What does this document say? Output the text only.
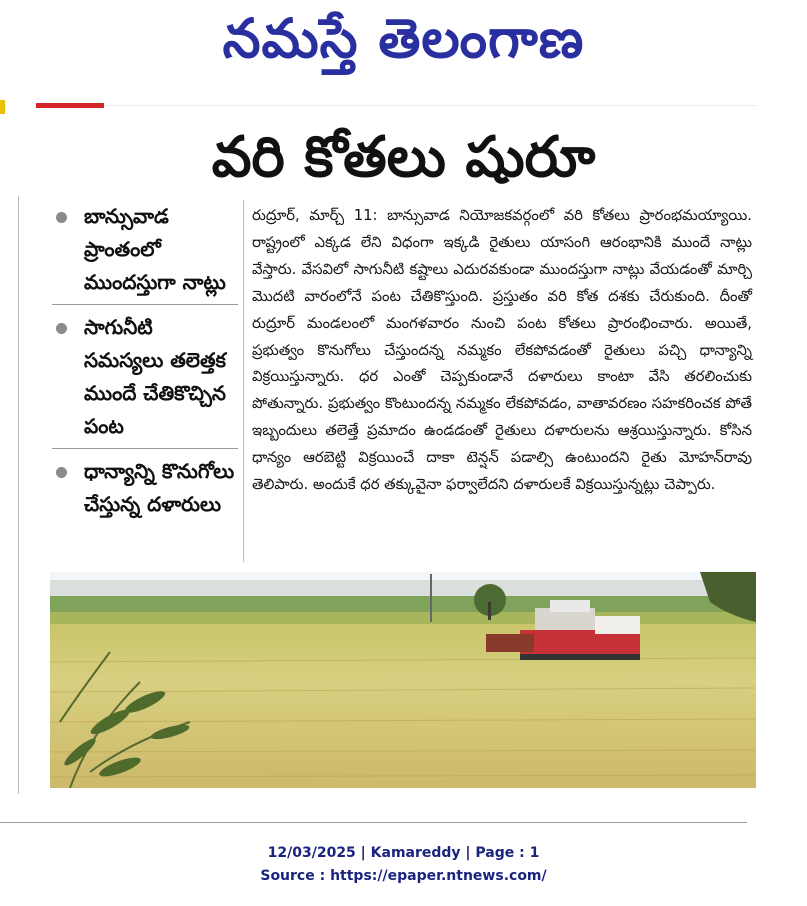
నమస్తే తెలంగాణ
వరి కోతలు షురూ
బాన్సువాడ ప్రాంతంలో ముందస్తుగా నాట్లు
సాగునీటి సమస్యలు తలెత్తక ముందే చేతికొచ్చిన పంట
ధాన్యాన్ని కొనుగోలు చేస్తున్న దళారులు
రుద్రూర్, మార్చ్ 11: బాన్సువాడ నియోజకవర్గంలో వరి కోతలు ప్రారంభమయ్యాయి. రాష్ట్రంలో ఎక్కడ లేని విధంగా ఇక్కడి రైతులు యాసంగి ఆరంభానికి ముందే నాట్లు వేస్తారు. వేసవిలో సాగునీటి కష్టాలు ఎదురవకుండా ముందస్తుగా నాట్లు వేయడంతో మార్చి మొదటి వారంలోనే పంట చేతికొస్తుంది. ప్రస్తుతం వరి కోత దశకు చేరుకుంది. దీంతో రుద్రూర్ మండలంలో మంగళవారం నుంచి పంట కోతలు ప్రారంభించారు. అయితే, ప్రభుత్వం కొనుగోలు చేస్తుందన్న నమ్మకం లేకపోవడంతో రైతులు పచ్చి ధాన్యాన్ని విక్రయిస్తున్నారు. ధర ఎంతో చెప్పకుండానే దళారులు కాంటా వేసి తరలించుకు పోతున్నారు. ప్రభుత్వం కొంటుందన్న నమ్మకం లేకపోవడం, వాతావరణం సహకరించక పోతే ఇబ్బందులు తలెత్తే ప్రమాదం ఉండడంతో రైతులు దళారులను ఆశ్రయిస్తున్నారు. కోసిన ధాన్యం ఆరబెట్టి విక్రయించే దాకా టెన్షన్ పడాల్సి ఉంటుందని రైతు మోహన్‌రావు తెలిపారు. అందుకే ధర తక్కువైనా ఫర్వాలేదని దళారులకే విక్రయిస్తున్నట్లు చెప్పారు.
12/03/2025 | Kamareddy | Page : 1
Source : https://epaper.ntnews.com/
